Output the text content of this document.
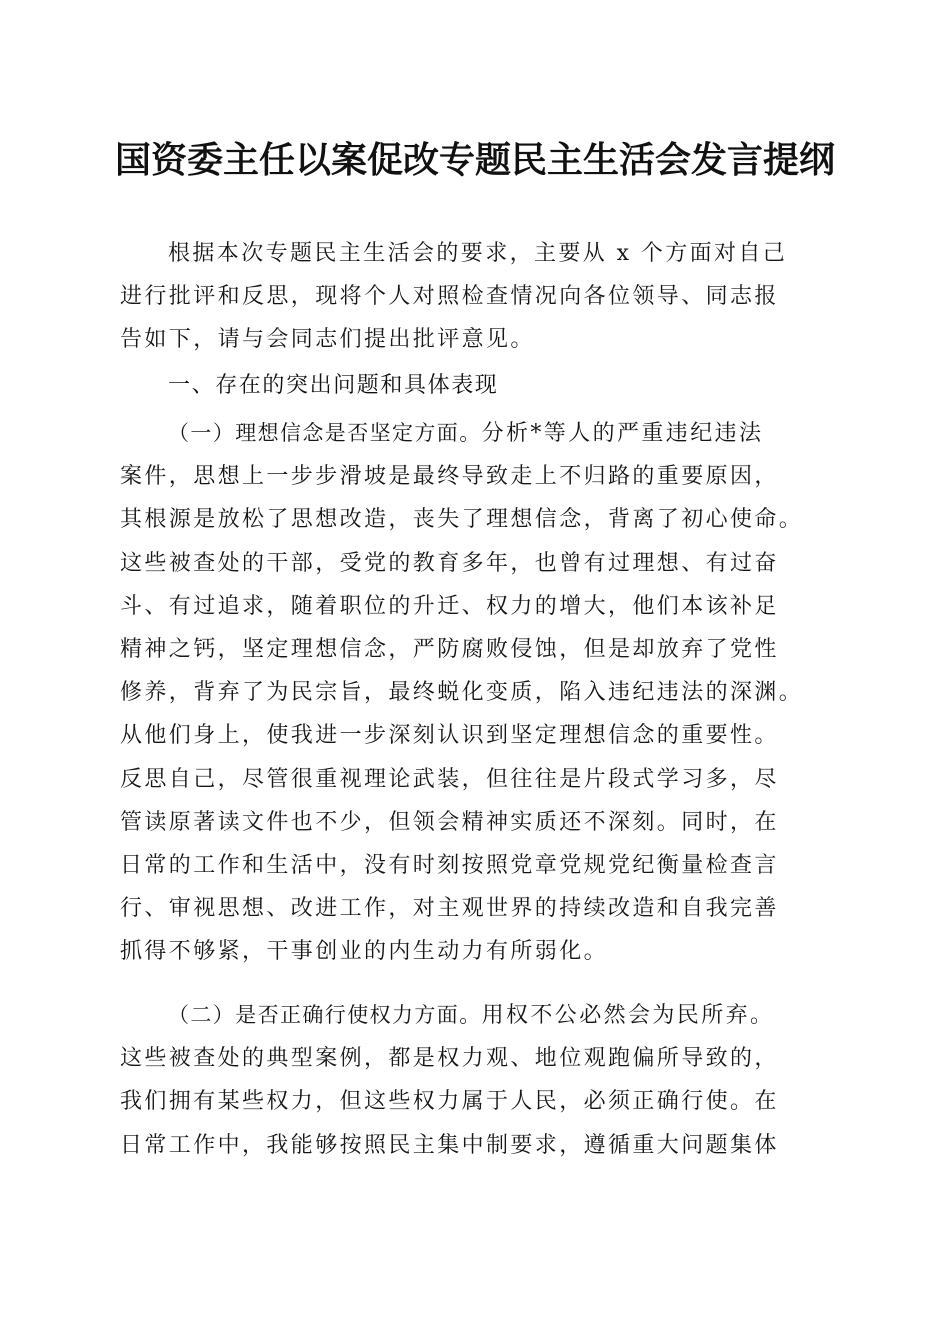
国资委主任以案促改专题民主生活会发言提纲
根据本次专题民主生活会的要求，主要从 x 个方面对自己
进行批评和反思，现将个人对照检查情况向各位领导、同志报
告如下，请与会同志们提出批评意见。
一、存在的突出问题和具体表现
（一）理想信念是否坚定方面。分析*等人的严重违纪违法
案件，思想上一步步滑坡是最终导致走上不归路的重要原因，
其根源是放松了思想改造，丧失了理想信念，背离了初心使命。
这些被查处的干部，受党的教育多年，也曾有过理想、有过奋
斗、有过追求，随着职位的升迁、权力的增大，他们本该补足
精神之钙，坚定理想信念，严防腐败侵蚀，但是却放弃了党性
修养，背弃了为民宗旨，最终蜕化变质，陷入违纪违法的深渊。
从他们身上，使我进一步深刻认识到坚定理想信念的重要性。
反思自己，尽管很重视理论武装，但往往是片段式学习多，尽
管读原著读文件也不少，但领会精神实质还不深刻。同时，在
日常的工作和生活中，没有时刻按照党章党规党纪衡量检查言
行、审视思想、改进工作，对主观世界的持续改造和自我完善
抓得不够紧，干事创业的内生动力有所弱化。
（二）是否正确行使权力方面。用权不公必然会为民所弃。
这些被查处的典型案例，都是权力观、地位观跑偏所导致的，
我们拥有某些权力，但这些权力属于人民，必须正确行使。在
日常工作中，我能够按照民主集中制要求，遵循重大问题集体
